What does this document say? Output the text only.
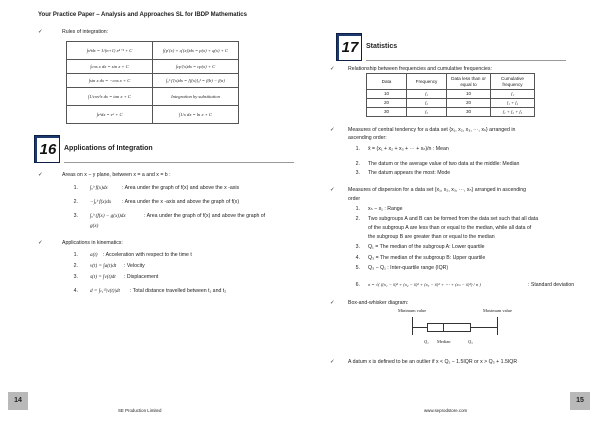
Your Practice Paper – Analysis and Approaches SL for IBDP Mathematics
✓	Rules of integration:
∫xⁿdx = 1/(n+1) xⁿ⁺¹ + C	∫(p′(x) + q′(x))dx = p(x) + q(x) + C
∫cos x dx = sin x + C	∫cp′(x)dx = cp(x) + C
∫sin x dx = −cos x + C	∫ₐᵇ f′(x)dx = [f(x)]ₐᵇ = f(b) − f(a)
∫1/cos²x dx = tan x + C	Integration by substitution
∫eˣdx = eˣ + C	∫1/x dx = ln x + C
16	Applications of Integration
✓	Areas on x − y plane, between x = a and x = b :
1. ∫ₐᵇ f(x)dx	: Area under the graph of f(x) and above the x -axis
2. −∫ₐᵇ f(x)dx : Area under the x -axis and above the graph of f(x)
3. ∫ₐᵇ (f(x) − g(x))dx	: Area under the graph of f(x) and above the graph of
g(x)
✓	Applications in kinematics:
1. a(t) : Acceleration with respect to the time t
2. v(t) = ∫a(t)dt : Velocity
3. s(t) = ∫v(t)dt : Displacement
4. d = ∫ₜ₁ᵗ²|v(t)|dt : Total distance travelled between t₁ and t₂
17	Statistics
✓	Relationship between frequencies and cumulative frequencies:
Data	Frequency	Data less than or equal to	Cumulative frequency
10	f₁	10	f₁
20	f₂	20	f₁ + f₂
30	f₃	30	f₁ + f₂ + f₃
✓	Measures of central tendency for a data set {x₁, x₂, x₃, ⋯, xₙ} arranged in
ascending order:
1. x̄ = (x₁ + x₂ + x₃ + ⋯ + xₙ)/n : Mean
2. The datum or the average value of two data at the middle: Median
3. The datum appears the most: Mode
✓	Measures of dispersion for a data set {x₁, x₂, x₃, ⋯, xₙ} arranged in ascending
order
1. xₙ − x₁ : Range
2. Two subgroups A and B can be formed from the data set such that all data
of the subgroup A are less than or equal to the median, while all data of
the subgroup B are greater than or equal to the median
3. Q₁ = The median of the subgroup A: Lower quartile
4. Q₃ = The median of the subgroup B: Upper quartile
5. Q₃ − Q₁ : Inter-quartile range (IQR)
6. σ = √( ((x₁ − x̄)² + (x₂ − x̄)² + (x₃ − x̄)² + ⋯ + (xₙ − x̄)²) / n )	: Standard deviation
✓	Box-and-whisker diagram:
Minimum value	Maximum value
Q₁ Median	Q₃
✓	A datum x is defined to be an outlier if x < Q₁ − 1.5IQR or x > Q₃ + 1.5IQR
14
SE Production Limited	www.seprodstore.com
15
